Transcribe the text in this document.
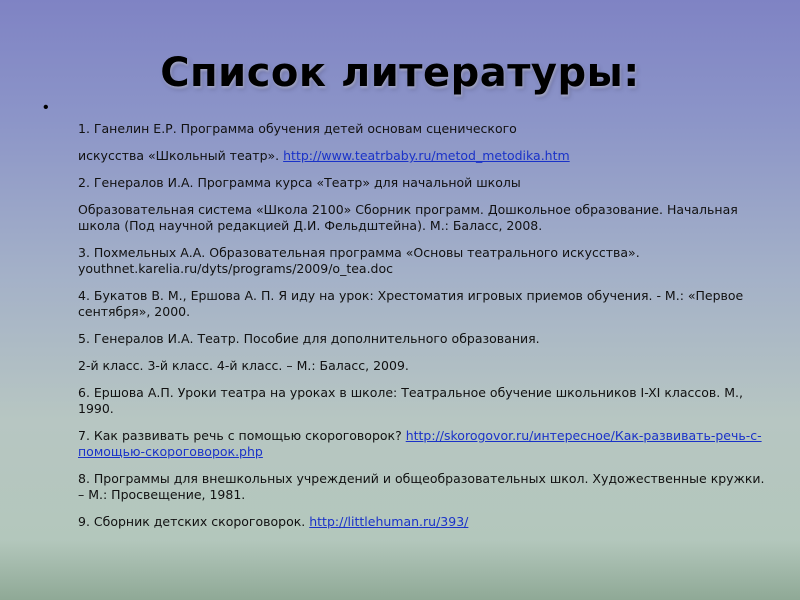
Список литературы:
•

1. Ганелин Е.Р. Программа обучения детей основам сценического

искусства «Школьный театр». http://www.teatrbaby.ru/metod_metodika.htm

2. Генералов И.А. Программа курса «Театр» для начальной школы

Образовательная система «Школа 2100» Сборник программ. Дошкольное образование. Начальная школа (Под научной редакцией Д.И. Фельдштейна). М.: Баласс, 2008.

3. Похмельных А.А. Образовательная программа «Основы театрального искусства». youthnet.karelia.ru/dyts/programs/2009/o_tea.doc

4. Букатов В. М., Ершова А. П. Я иду на урок: Хрестоматия игровых приемов обучения. - М.: «Первое сентября», 2000.

5. Генералов И.А. Театр. Пособие для дополнительного образования.

2-й класс. 3-й класс. 4-й класс. – М.: Баласс, 2009.

6. Ершова А.П. Уроки театра на уроках в школе: Театральное обучение школьников I-XI классов. М., 1990.

7. Как развивать речь с помощью скороговорок? http://skorogovor.ru/интересное/Как-развивать-речь-с-помощью-скороговорок.php

8. Программы для внешкольных учреждений и общеобразовательных школ. Художественные кружки. – М.: Просвещение, 1981.

9. Сборник детских скороговорок. http://littlehuman.ru/393/
